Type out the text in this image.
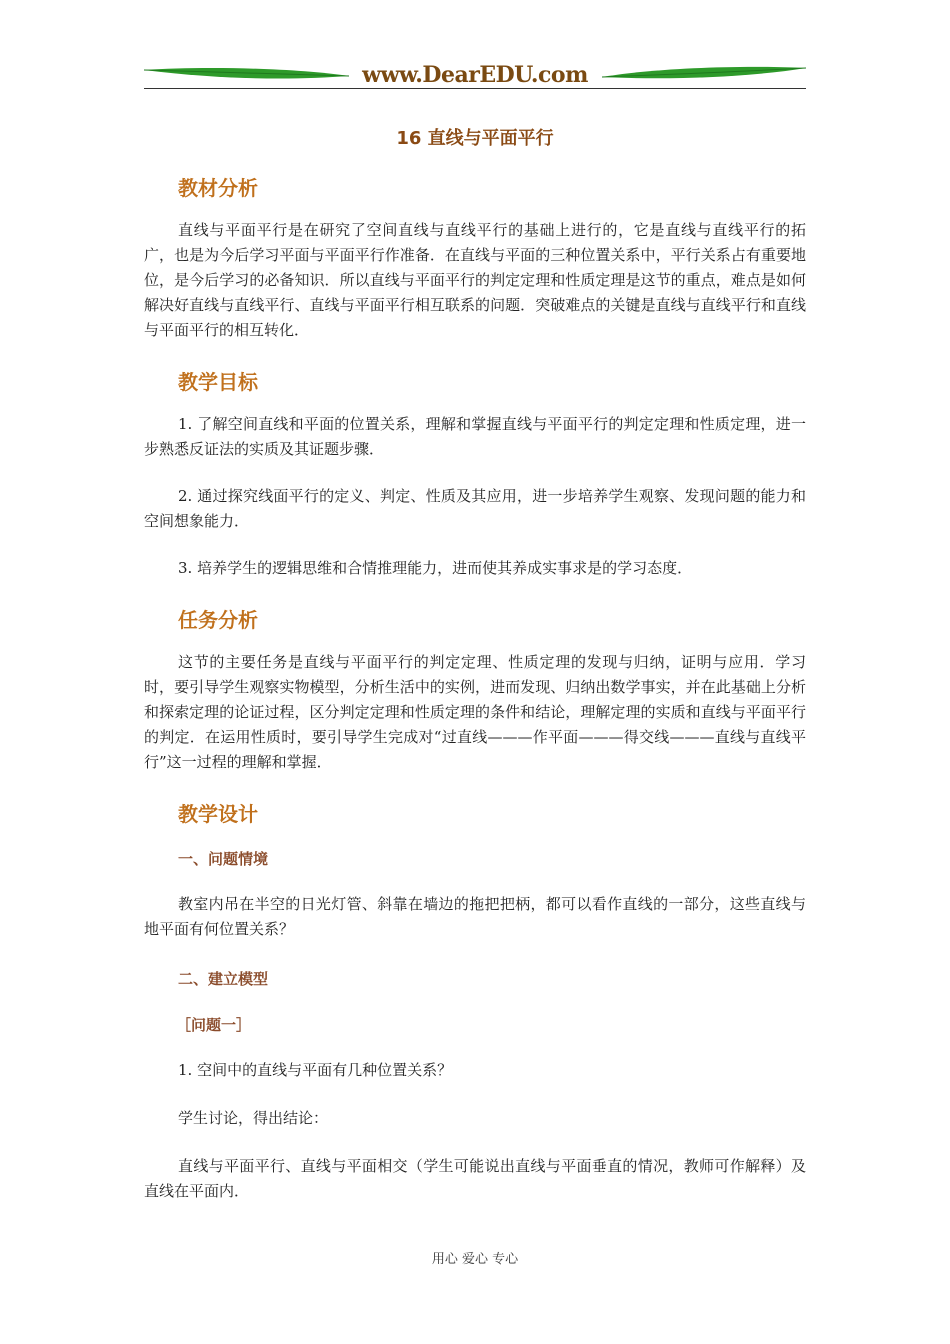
www.DearEDU.com
16 直线与平面平行
教材分析

直线与平面平行是在研究了空间直线与直线平行的基础上进行的，它是直线与直线平行的拓广，也是为今后学习平面与平面平行作准备．在直线与平面的三种位置关系中，平行关系占有重要地位，是今后学习的必备知识．所以直线与平面平行的判定定理和性质定理是这节的重点，难点是如何解决好直线与直线平行、直线与平面平行相互联系的问题．突破难点的关键是直线与直线平行和直线与平面平行的相互转化．

教学目标

1. 了解空间直线和平面的位置关系，理解和掌握直线与平面平行的判定定理和性质定理，进一步熟悉反证法的实质及其证题步骤．

2. 通过探究线面平行的定义、判定、性质及其应用，进一步培养学生观察、发现问题的能力和空间想象能力．

3. 培养学生的逻辑思维和合情推理能力，进而使其养成实事求是的学习态度．

任务分析

这节的主要任务是直线与平面平行的判定定理、性质定理的发现与归纳，证明与应用．学习时，要引导学生观察实物模型，分析生活中的实例，进而发现、归纳出数学事实，并在此基础上分析和探索定理的论证过程，区分判定定理和性质定理的条件和结论，理解定理的实质和直线与平面平行的判定．在运用性质时，要引导学生完成对“过直线———作平面———得交线———直线与直线平行”这一过程的理解和掌握．

教学设计
一、问题情境

教室内吊在半空的日光灯管、斜靠在墙边的拖把把柄，都可以看作直线的一部分，这些直线与地平面有何位置关系？

二、建立模型
［问题一］

1. 空间中的直线与平面有几种位置关系？

学生讨论，得出结论：

直线与平面平行、直线与平面相交（学生可能说出直线与平面垂直的情况，教师可作解释）及直线在平面内．

用心 爱心 专心
